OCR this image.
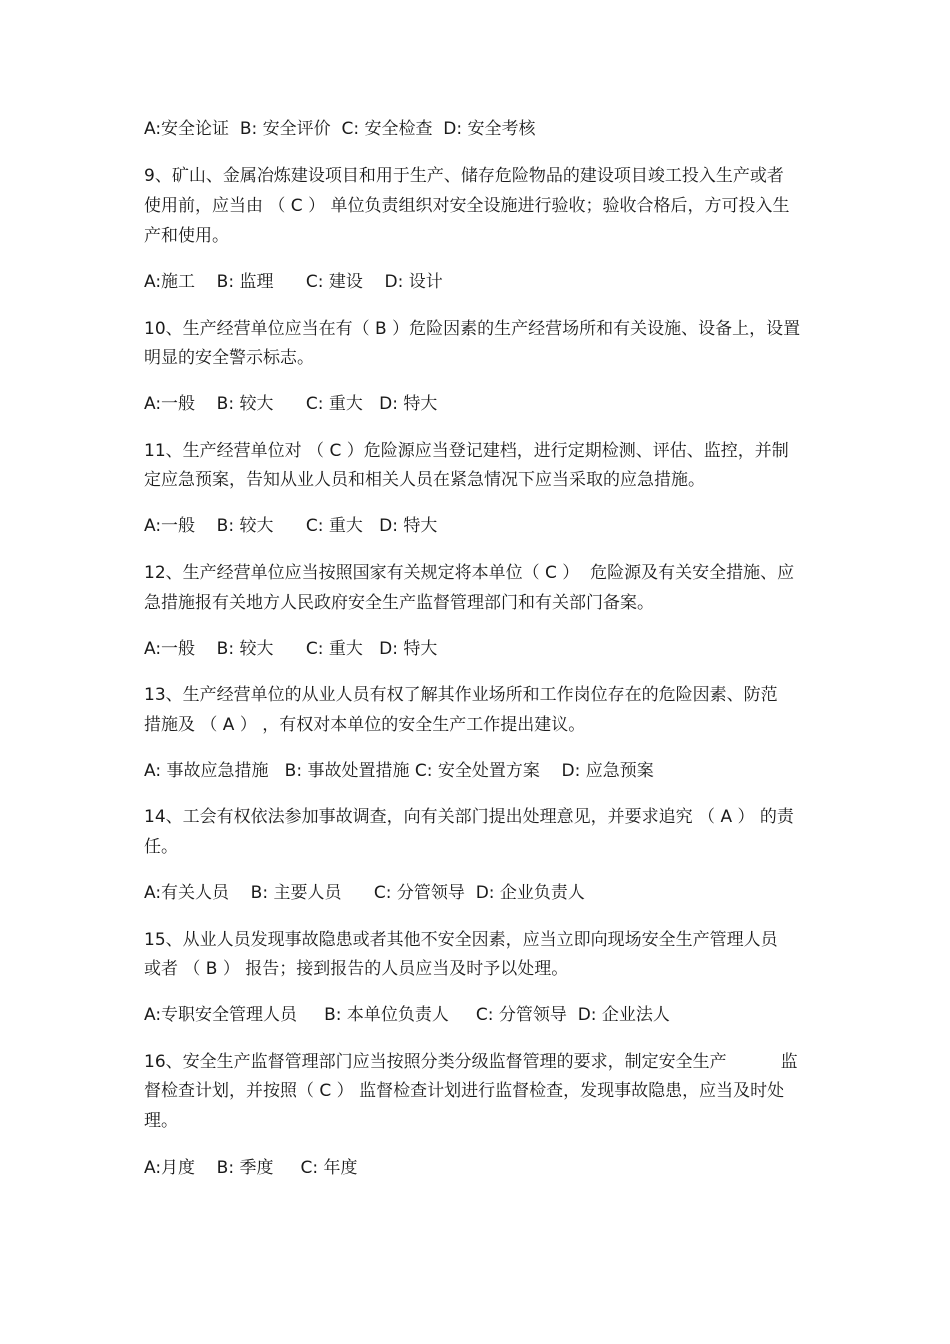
A:安全论证  B: 安全评价  C: 安全检查  D: 安全考核
9、矿山、金属冶炼建设项目和用于生产、储存危险物品的建设项目竣工投入生产或者
使用前，应当由 （ C ） 单位负责组织对安全设施进行验收；验收合格后，方可投入生
产和使用。
A:施工    B: 监理      C: 建设    D: 设计
10、生产经营单位应当在有（ B ）危险因素的生产经营场所和有关设施、设备上，设置
明显的安全警示标志。
A:一般    B: 较大      C: 重大   D: 特大
11、生产经营单位对 （ C ）危险源应当登记建档，进行定期检测、评估、监控，并制
定应急预案，告知从业人员和相关人员在紧急情况下应当采取的应急措施。
A:一般    B: 较大      C: 重大   D: 特大
12、生产经营单位应当按照国家有关规定将本单位（ C ）  危险源及有关安全措施、应
急措施报有关地方人民政府安全生产监督管理部门和有关部门备案。
A:一般    B: 较大      C: 重大   D: 特大
13、生产经营单位的从业人员有权了解其作业场所和工作岗位存在的危险因素、防范
措施及 （ A ） ，有权对本单位的安全生产工作提出建议。
A: 事故应急措施   B: 事故处置措施 C: 安全处置方案    D: 应急预案
14、工会有权依法参加事故调查，向有关部门提出处理意见，并要求追究 （ A ） 的责
任。
A:有关人员    B: 主要人员      C: 分管领导  D: 企业负责人
15、从业人员发现事故隐患或者其他不安全因素，应当立即向现场安全生产管理人员
或者 （ B ） 报告；接到报告的人员应当及时予以处理。
A:专职安全管理人员     B: 本单位负责人     C: 分管领导  D: 企业法人
16、安全生产监督管理部门应当按照分类分级监督管理的要求，制定安全生产          监
督检查计划，并按照（ C ） 监督检查计划进行监督检查，发现事故隐患，应当及时处
理。
A:月度    B: 季度     C: 年度
